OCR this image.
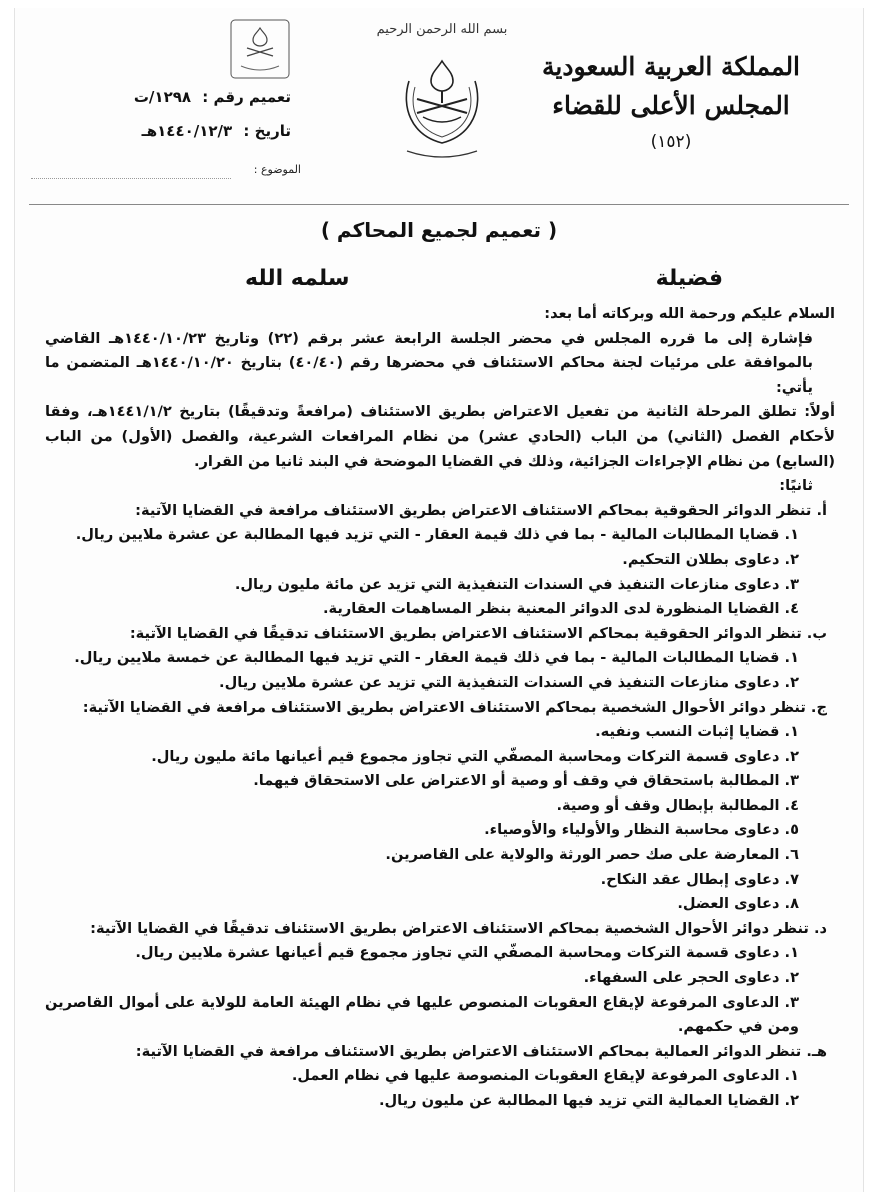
المملكة العربية السعودية

المجلس الأعلى للقضاء

(١٥٢)
بسم الله الرحمن الرحيم
تعميم رقم : ١٢٩٨/ت
تاريخ : ١٤٤٠/١٢/٣هـ
الموضوع :
( تعميم لجميع المحاكم )
فضيلة
سلمه الله

السلام عليكم ورحمة الله وبركاته أما بعد:

فإشارة إلى ما قرره المجلس في محضر الجلسة الرابعة عشر برقم (٢٢) وتاريخ ١٤٤٠/١٠/٢٣هـ القاضي بالموافقة على مرئيات لجنة محاكم الاستئناف في محضرها رقم (٤٠/٤٠) بتاريخ ١٤٤٠/١٠/٢٠هـ المتضمن ما يأتي:

أولاً: تطلق المرحلة الثانية من تفعيل الاعتراض بطريق الاستئناف (مرافعةً وتدقيقًا) بتاريخ ١٤٤١/١/٢هـ، وفقا لأحكام الفصل (الثاني) من الباب (الحادي عشر) من نظام المرافعات الشرعية، والفصل (الأول) من الباب (السابع) من نظام الإجراءات الجزائية، وذلك في القضايا الموضحة في البند ثانيا من القرار.

ثانيًا:

أ. تنظر الدوائر الحقوقية بمحاكم الاستئناف الاعتراض بطريق الاستئناف مرافعة في القضايا الآتية:

١. قضايا المطالبات المالية - بما في ذلك قيمة العقار - التي تزيد فيها المطالبة عن عشرة ملايين ريال.

٢. دعاوى بطلان التحكيم.

٣. دعاوى منازعات التنفيذ في السندات التنفيذية التي تزيد عن مائة مليون ريال.

٤. القضايا المنظورة لدى الدوائر المعنية بنظر المساهمات العقارية.

ب. تنظر الدوائر الحقوقية بمحاكم الاستئناف الاعتراض بطريق الاستئناف تدقيقًا في القضايا الآتية:

١. قضايا المطالبات المالية - بما في ذلك قيمة العقار - التي تزيد فيها المطالبة عن خمسة ملايين ريال.

٢. دعاوى منازعات التنفيذ في السندات التنفيذية التي تزيد عن عشرة ملايين ريال.

ج. تنظر دوائر الأحوال الشخصية بمحاكم الاستئناف الاعتراض بطريق الاستئناف مرافعة في القضايا الآتية:

١. قضايا إثبات النسب ونفيه.

٢. دعاوى قسمة التركات ومحاسبة المصفّي التي تجاوز مجموع قيم أعيانها مائة مليون ريال.

٣. المطالبة باستحقاق في وقف أو وصية أو الاعتراض على الاستحقاق فيهما.

٤. المطالبة بإبطال وقف أو وصية.

٥. دعاوى محاسبة النظار والأولياء والأوصياء.

٦. المعارضة على صك حصر الورثة والولاية على القاصرين.

٧. دعاوى إبطال عقد النكاح.

٨. دعاوى العضل.

د. تنظر دوائر الأحوال الشخصية بمحاكم الاستئناف الاعتراض بطريق الاستئناف تدقيقًا في القضايا الآتية:

١. دعاوى قسمة التركات ومحاسبة المصفّي التي تجاوز مجموع قيم أعيانها عشرة ملايين ريال.

٢. دعاوى الحجر على السفهاء.

٣. الدعاوى المرفوعة لإيقاع العقوبات المنصوص عليها في نظام الهيئة العامة للولاية على أموال القاصرين ومن في حكمهم.

هـ. تنظر الدوائر العمالية بمحاكم الاستئناف الاعتراض بطريق الاستئناف مرافعة في القضايا الآتية:

١. الدعاوى المرفوعة لإيقاع العقوبات المنصوصة عليها في نظام العمل.

٢. القضايا العمالية التي تزيد فيها المطالبة عن مليون ريال.
